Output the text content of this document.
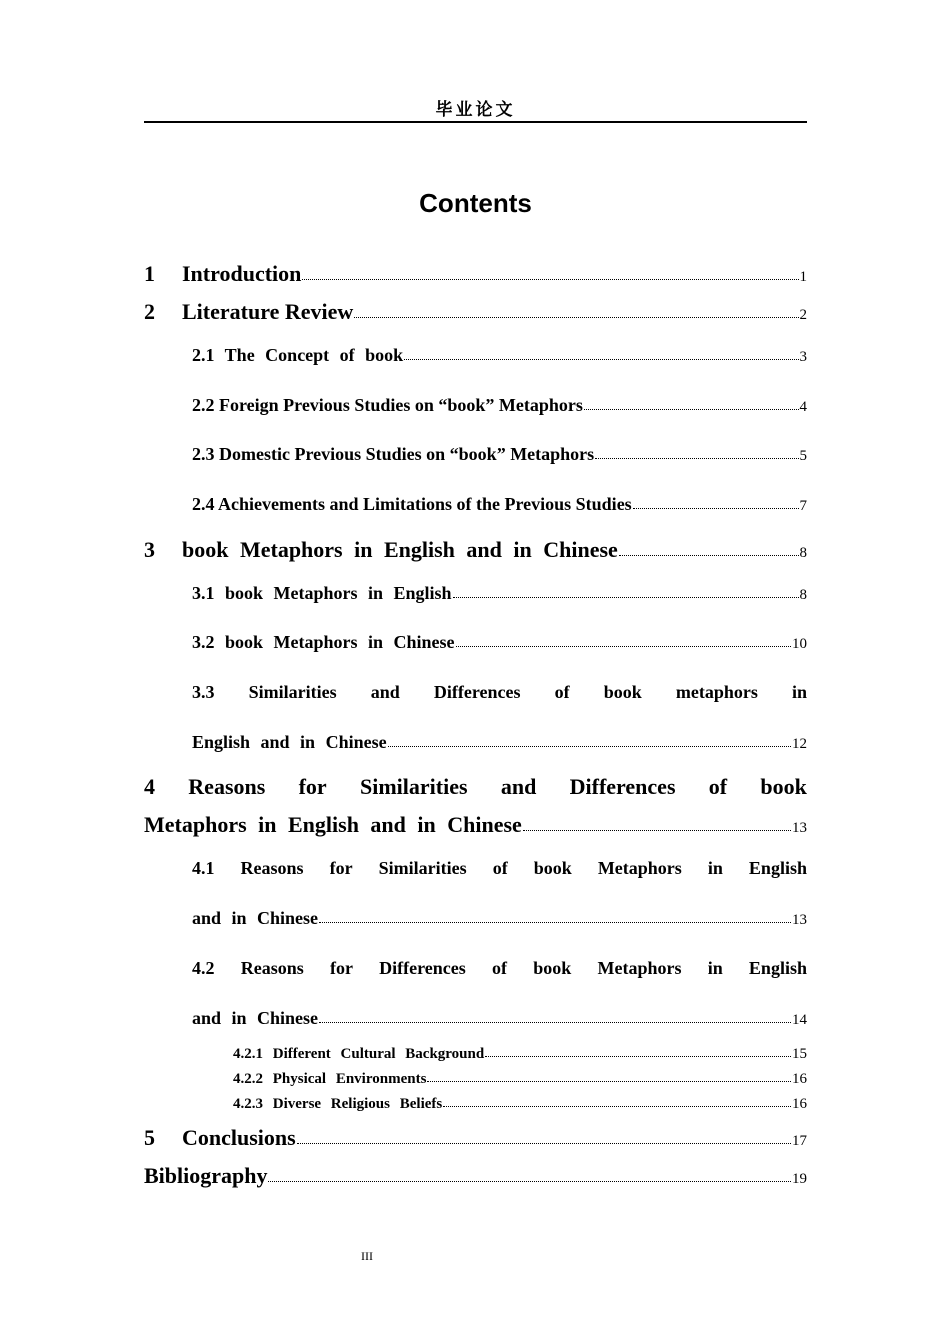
毕业论文
Contents
1	Introduction	1
2	Literature Review	2
2.1 The Concept of book	3
2.2 Foreign Previous Studies on “book” Metaphors	4
2.3 Domestic Previous Studies on “book” Metaphors	5
2.4 Achievements and Limitations of the Previous Studies	7
3	book Metaphors in English and in Chinese	8
3.1 book Metaphors in English	8
3.2 book Metaphors in Chinese	10
3.3 Similarities and Differences of book metaphors in
English and in Chinese	12
4 Reasons for Similarities and Differences of book
Metaphors in English and in Chinese	13
4.1 Reasons for Similarities of book Metaphors in English
and in Chinese	13
4.2 Reasons for Differences of book Metaphors in English
and in Chinese	14
4.2.1 Different Cultural Background	15
4.2.2 Physical Environments	16
4.2.3 Diverse Religious Beliefs	16
5	Conclusions	17
Bibliography	19
III
